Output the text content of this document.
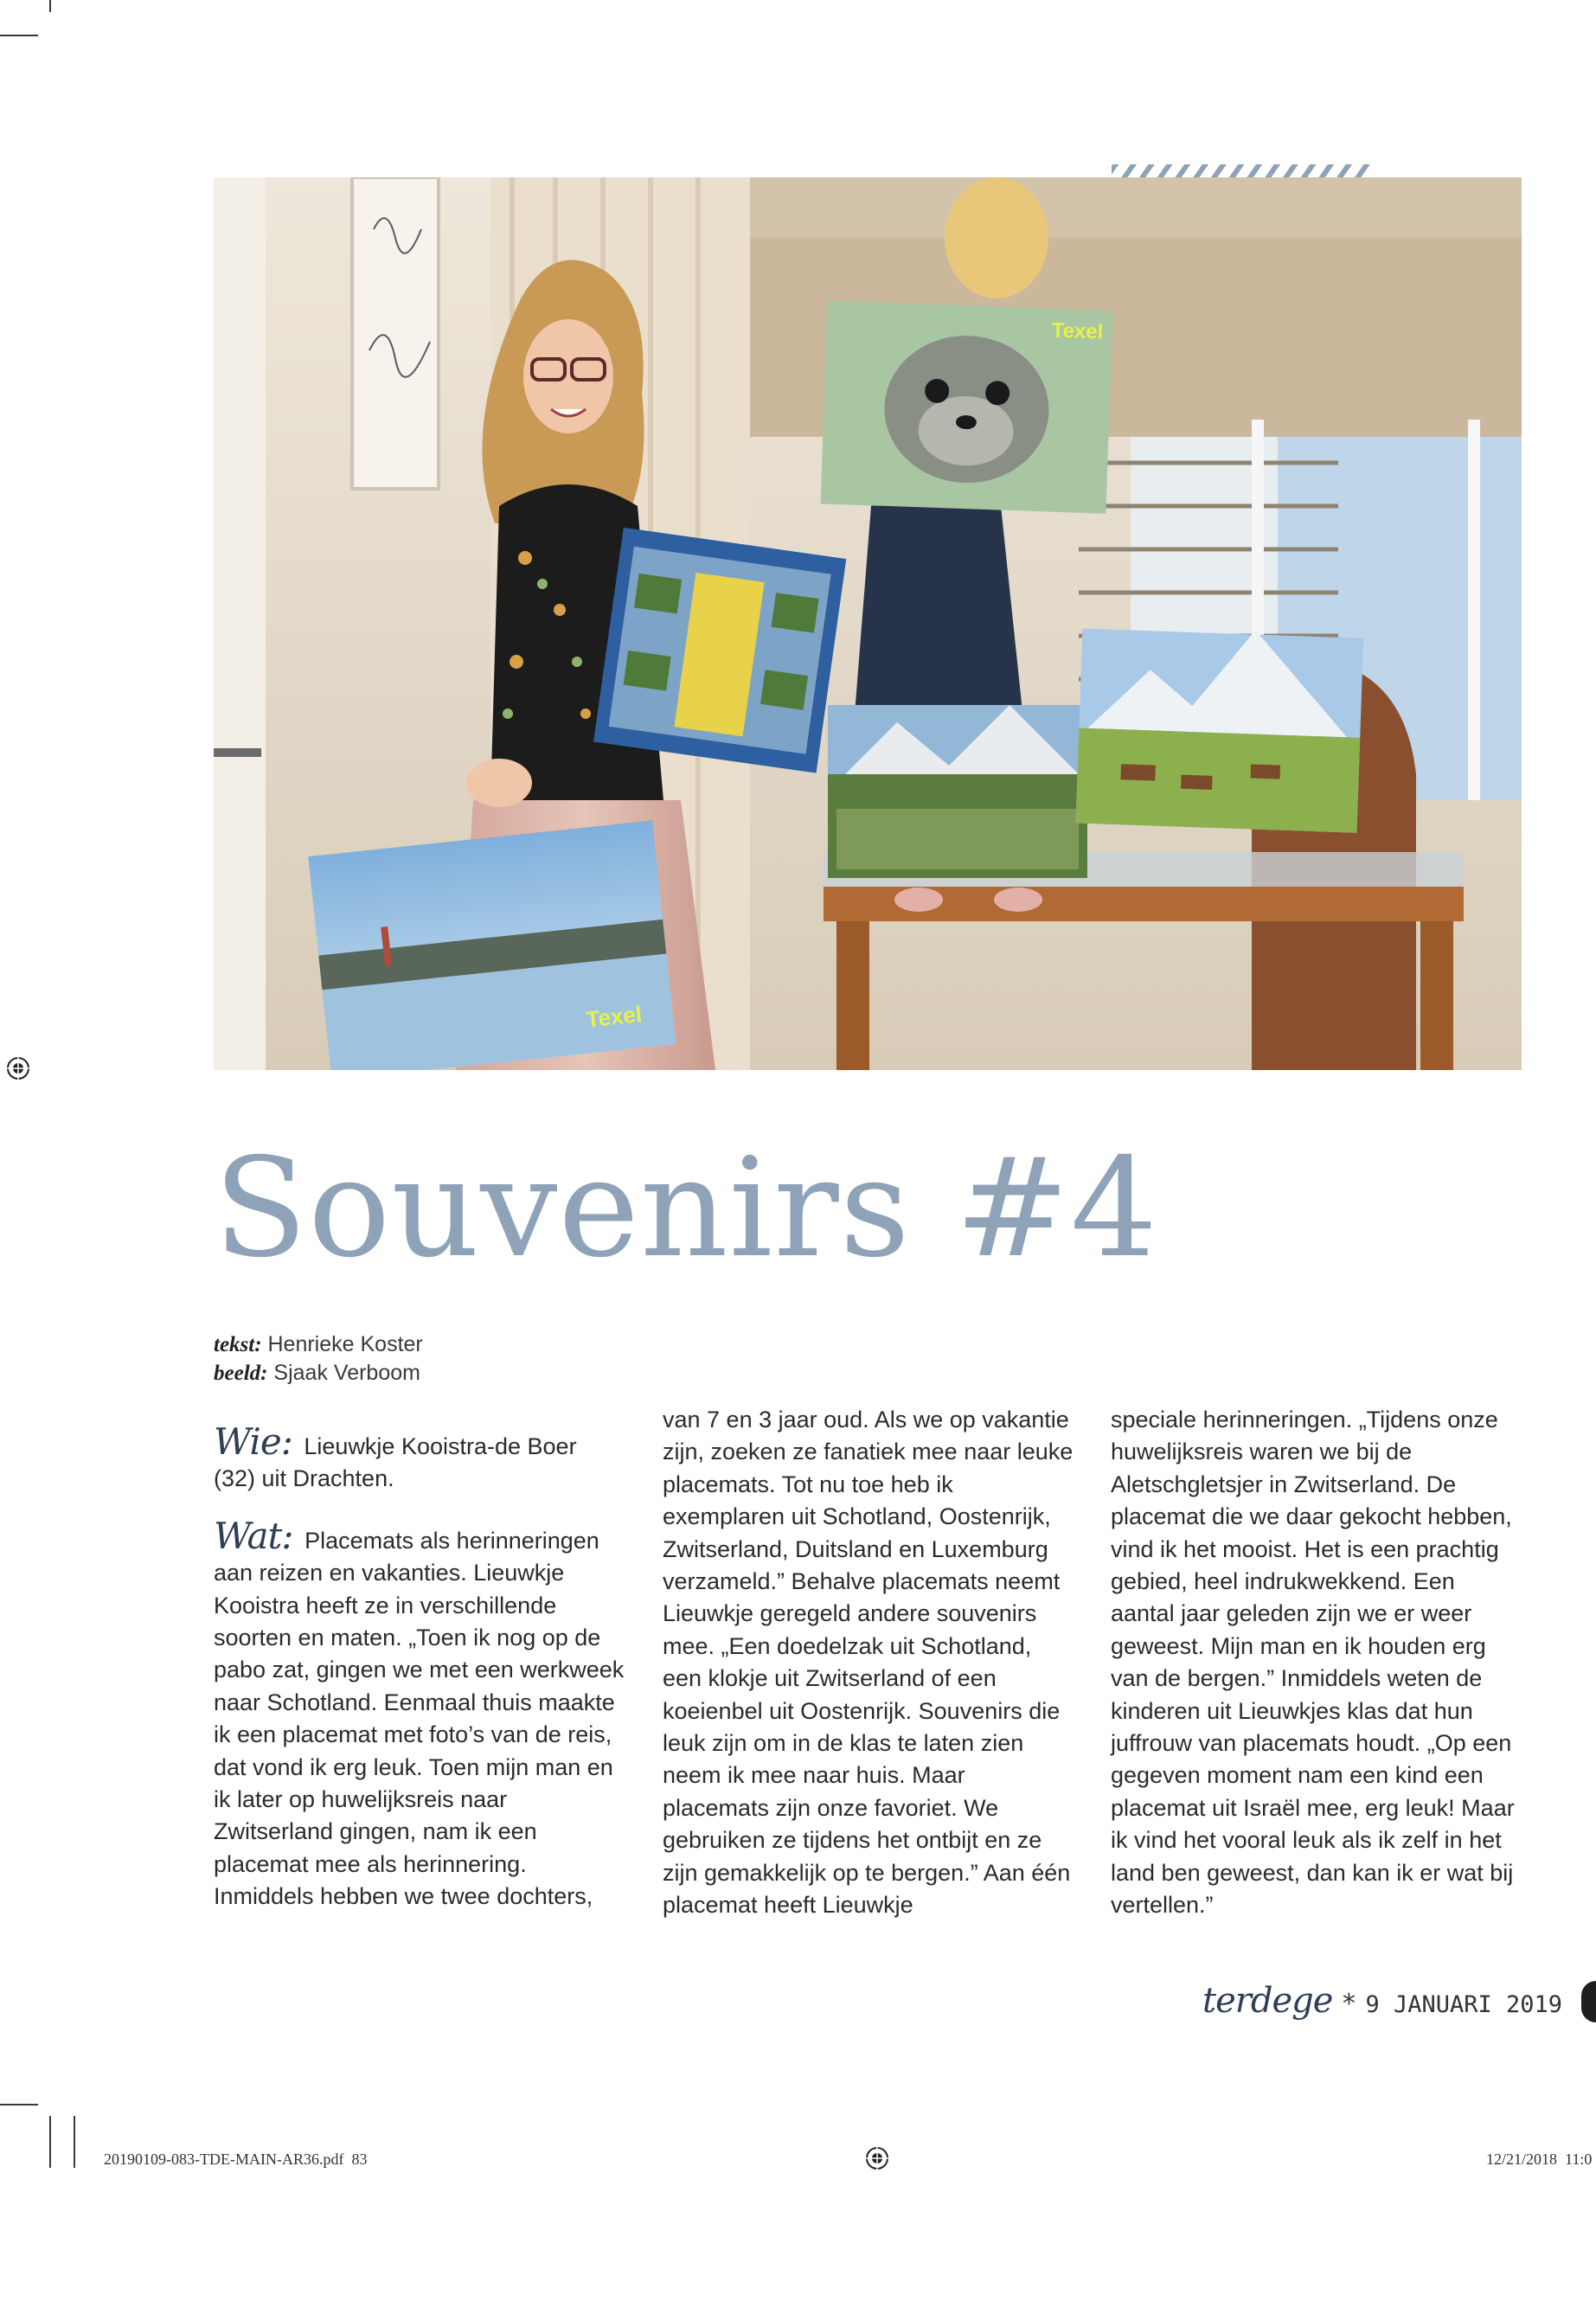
Texel
Texel
Souvenirs #4
tekst: Henrieke Koster
beeld: Sjaak Verboom

Wie: Lieuwkje Kooistra-de Boer (32) uit Drachten.

Wat: Placemats als herinneringen aan reizen en vakanties. Lieuwkje Kooistra heeft ze in verschillende soorten en maten. „Toen ik nog op de pabo zat, gingen we met een werkweek naar Schotland. Eenmaal thuis maakte ik een placemat met foto’s van de reis, dat vond ik erg leuk. Toen mijn man en ik later op huwelijksreis naar Zwitserland gingen, nam ik een placemat mee als herinnering. Inmiddels hebben we twee dochters,

van 7 en 3 jaar oud. Als we op vakantie zijn, zoeken ze fanatiek mee naar leuke placemats. Tot nu toe heb ik exemplaren uit Schotland, Oostenrijk, Zwitserland, Duitsland en Luxemburg verzameld.” Behalve placemats neemt Lieuwkje geregeld andere souvenirs mee. „Een doedelzak uit Schotland, een klokje uit Zwitserland of een koeienbel uit Oostenrijk. Souvenirs die leuk zijn om in de klas te laten zien neem ik mee naar huis. Maar placemats zijn onze favoriet. We gebruiken ze tijdens het ontbijt en ze zijn gemakkelijk op te bergen.” Aan één placemat heeft Lieuwkje

speciale herinneringen. „Tijdens onze huwelijksreis waren we bij de Aletschgletsjer in Zwitserland. De placemat die we daar gekocht hebben, vind ik het mooist. Het is een prachtig gebied, heel indrukwekkend. Een aantal jaar geleden zijn we er weer geweest. Mijn man en ik houden erg van de bergen.” Inmiddels weten de kinderen uit Lieuwkjes klas dat hun juffrouw van placemats houdt. „Op een gegeven moment nam een kind een placemat uit Israël mee, erg leuk! Maar ik vind het vooral leuk als ik zelf in het land ben geweest, dan kan ik er wat bij vertellen.”

terdege * 9 JANUARI 2019
20190109-083-TDE-MAIN-AR36.pdf 83	12/21/2018 11:0
